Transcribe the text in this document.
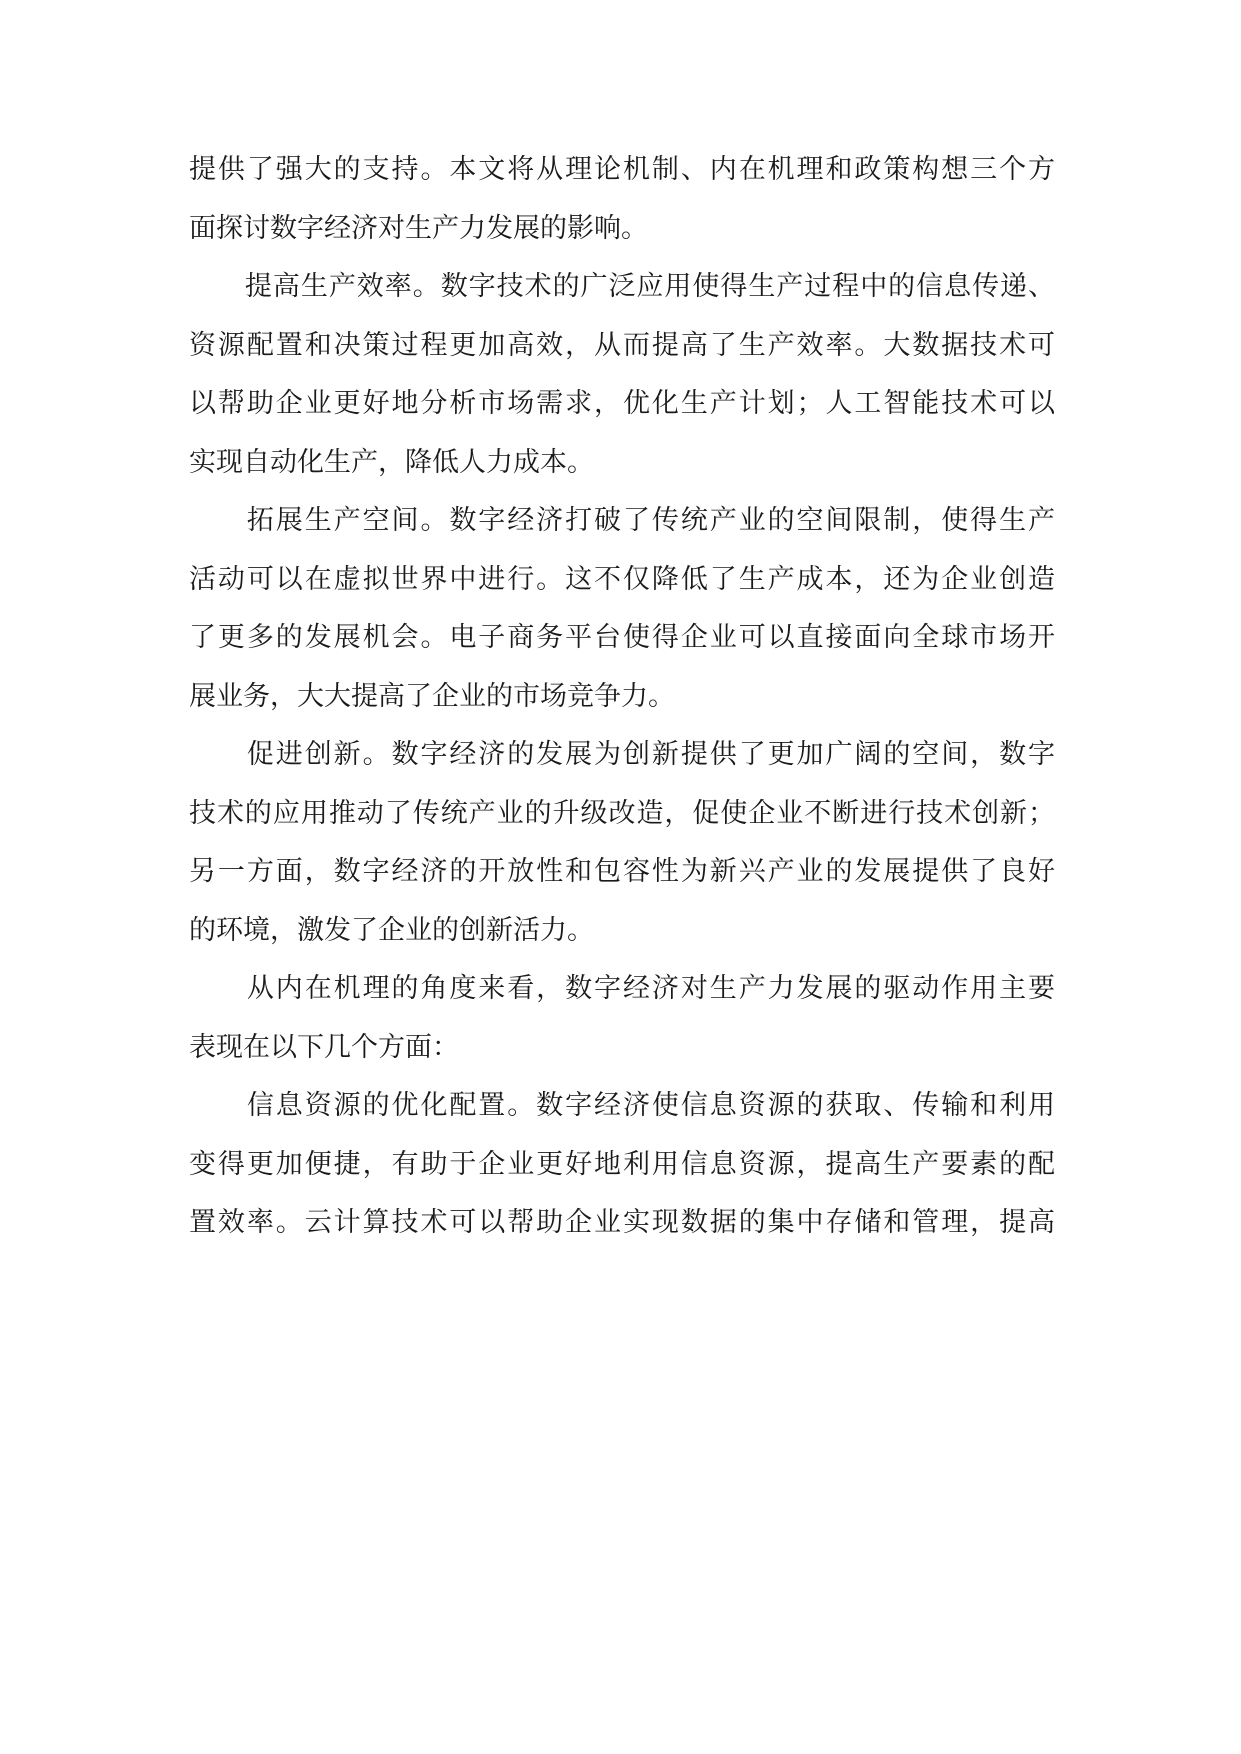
提供了强大的支持。本文将从理论机制、内在机理和政策构想三个方
面探讨数字经济对生产力发展的影响。

　　提高生产效率。数字技术的广泛应用使得生产过程中的信息传递、
资源配置和决策过程更加高效，从而提高了生产效率。大数据技术可
以帮助企业更好地分析市场需求，优化生产计划；人工智能技术可以
实现自动化生产，降低人力成本。

　　拓展生产空间。数字经济打破了传统产业的空间限制，使得生产
活动可以在虚拟世界中进行。这不仅降低了生产成本，还为企业创造
了更多的发展机会。电子商务平台使得企业可以直接面向全球市场开
展业务，大大提高了企业的市场竞争力。

　　促进创新。数字经济的发展为创新提供了更加广阔的空间，数字
技术的应用推动了传统产业的升级改造，促使企业不断进行技术创新；
另一方面，数字经济的开放性和包容性为新兴产业的发展提供了良好
的环境，激发了企业的创新活力。

　　从内在机理的角度来看，数字经济对生产力发展的驱动作用主要
表现在以下几个方面：

　　信息资源的优化配置。数字经济使信息资源的获取、传输和利用
变得更加便捷，有助于企业更好地利用信息资源，提高生产要素的配
置效率。云计算技术可以帮助企业实现数据的集中存储和管理，提高
